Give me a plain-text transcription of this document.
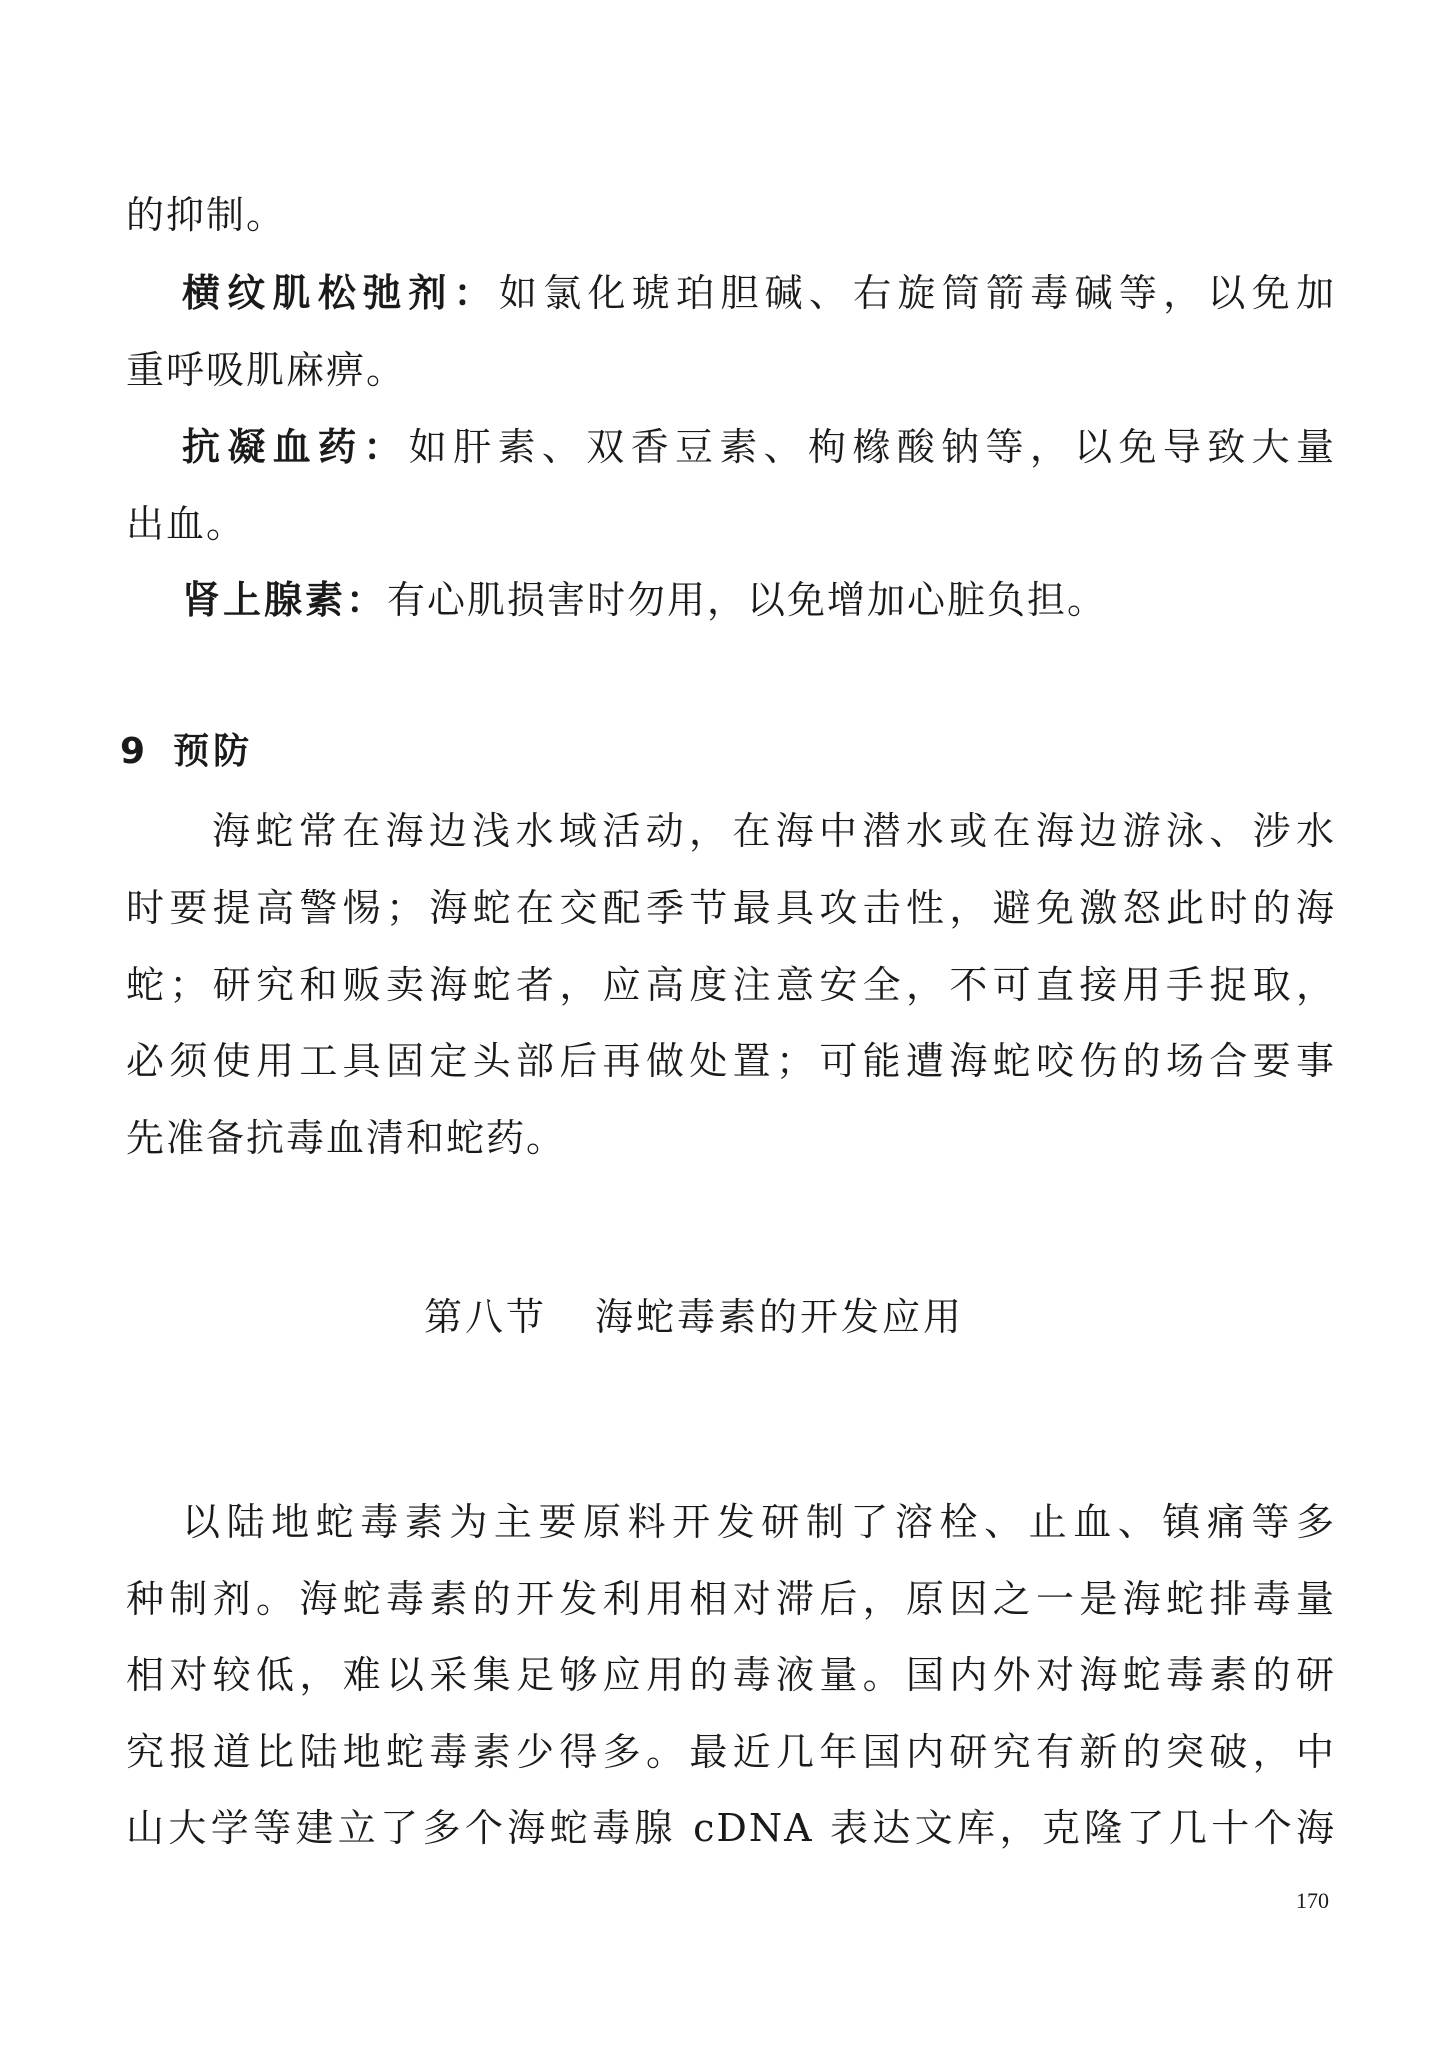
的抑制。
横纹肌松弛剂：如氯化琥珀胆碱、右旋筒箭毒碱等，以免加
重呼吸肌麻痹。
抗凝血药：如肝素、双香豆素、枸橼酸钠等，以免导致大量
出血。
肾上腺素：有心肌损害时勿用，以免增加心脏负担。
9 预防
海蛇常在海边浅水域活动，在海中潜水或在海边游泳、涉水
时要提高警惕；海蛇在交配季节最具攻击性，避免激怒此时的海
蛇；研究和贩卖海蛇者，应高度注意安全，不可直接用手捉取，
必须使用工具固定头部后再做处置；可能遭海蛇咬伤的场合要事
先准备抗毒血清和蛇药。
第八节 海蛇毒素的开发应用
以陆地蛇毒素为主要原料开发研制了溶栓、止血、镇痛等多
种制剂。海蛇毒素的开发利用相对滞后，原因之一是海蛇排毒量
相对较低，难以采集足够应用的毒液量。国内外对海蛇毒素的研
究报道比陆地蛇毒素少得多。最近几年国内研究有新的突破，中
山大学等建立了多个海蛇毒腺 cDNA 表达文库，克隆了几十个海
170
